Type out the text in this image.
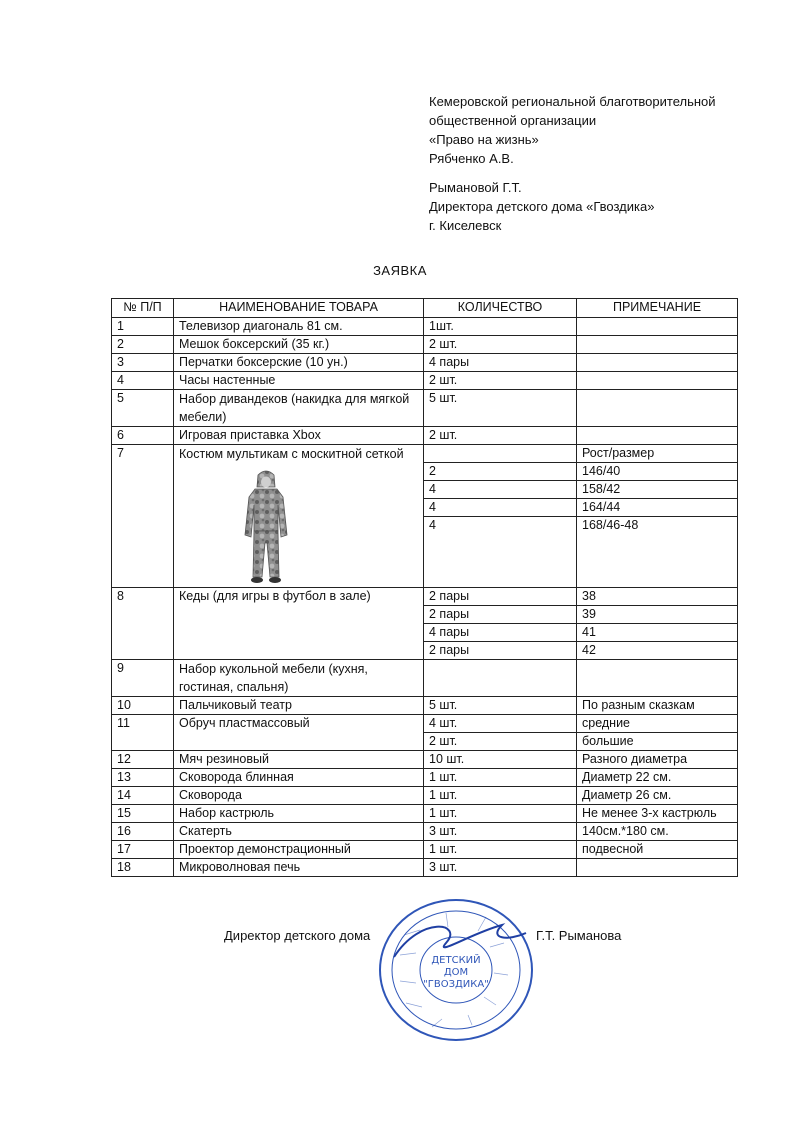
Кемеровской региональной благотворительной
общественной организации
«Право на жизнь»
Рябченко А.В.
Рымановой Г.Т.
Директора детского дома «Гвоздика»
г. Киселевск
ЗАЯВКА
№ П/П	НАИМЕНОВАНИЕ ТОВАРА	КОЛИЧЕСТВО	ПРИМЕЧАНИЕ
1	Телевизор диагональ 81 см.	1шт.	
2	Мешок боксерский (35 кг.)	2 шт.	
3	Перчатки боксерские (10 ун.)	4 пары	
4	Часы настенные	2 шт.	
5	Набор дивандеков (накидка для мягкой мебели)	5 шт.	
6	Игровая приставка Xbox	2 шт.	
7	Костюм мультикам с москитной сеткой		Рост/размер
		2	146/40
		4	158/42
		4	164/44
		4	168/46-48
8	Кеды (для игры в футбол в зале)	2 пары	38
		2 пары	39
		4 пары	41
		2 пары	42
9	Набор кукольной мебели (кухня, гостиная, спальня)		
10	Пальчиковый театр	5 шт.	По разным сказкам
11	Обруч пластмассовый	4 шт.	средние
		2 шт.	большие
12	Мяч резиновый	10 шт.	Разного диаметра
13	Сковорода блинная	1 шт.	Диаметр 22 см.
14	Сковорода	1 шт.	Диаметр 26 см.
15	Набор кастрюль	1 шт.	Не менее 3-х кастрюль
16	Скатерть	3 шт.	140см.*180 см.
17	Проектор демонстрационный	1 шт.	подвесной
18	Микроволновая печь	3 шт.	
Директор детского дома
ДЕТСКИЙ
ДОМ
"ГВОЗДИКА"
Г.Т. Рыманова
